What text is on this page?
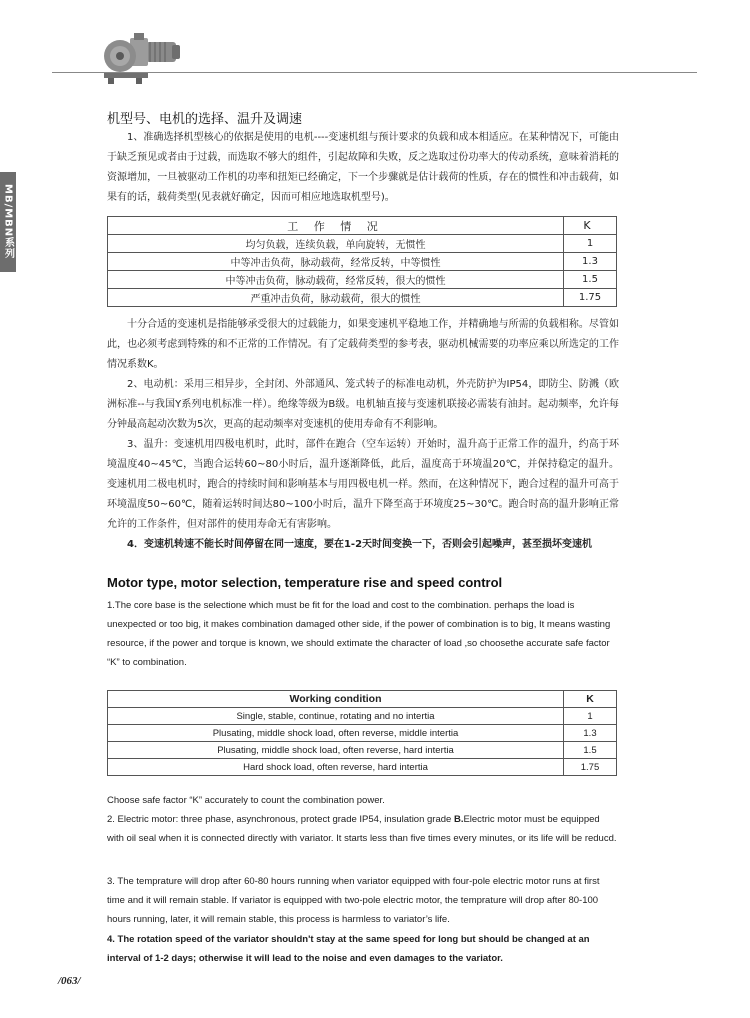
MB/MBN系列
机型号、电机的选择、温升及调速

1、准确选择机型核心的依据是使用的电机----变速机组与预计要求的负载和成本相适应。在某种情况下，可能由于缺乏预见或者由于过载，而选取不够大的组件，引起故障和失败，反之选取过份功率大的传动系统，意味着消耗的资源增加，一旦被驱动工作机的功率和扭矩已经确定，下一个步骤就是估计载荷的性质，存在的惯性和冲击载荷，如果有的话，载荷类型(见表就好确定，因而可相应地选取机型号)。

工 作 情 况	K
均匀负载，连续负载，单向旋转，无惯性	1
中等冲击负荷，脉动载荷，经常反转，中等惯性	1.3
中等冲击负荷，脉动载荷，经常反转，很大的惯性	1.5
严重冲击负荷，脉动载荷，很大的惯性	1.75

十分合适的变速机是指能够承受很大的过载能力，如果变速机平稳地工作，并精确地与所需的负载相称。尽管如此，也必须考虑到特殊的和不正常的工作情况。有了定载荷类型的参考表，驱动机械需要的功率应乘以所选定的工作情况系数K。

2、电动机：采用三相异步，全封闭、外部通风、笼式转子的标准电动机，外壳防护为IP54，即防尘、防溅（欧洲标准--与我国Y系列电机标准一样）。绝缘等级为B级。电机轴直接与变速机联接必需装有油封。起动频率，允许每分钟最高起动次数为5次，更高的起动频率对变速机的使用寿命有不利影响。

3、温升：变速机用四极电机时，此时，部件在跑合（空车运转）开始时，温升高于正常工作的温升，约高于环境温度40~45℃，当跑合运转60~80小时后，温升逐渐降低，此后，温度高于环境温20℃，并保持稳定的温升。变速机用二极电机时，跑合的持续时间和影响基本与用四极电机一样。然而，在这种情况下，跑合过程的温升可高于环境温度50~60℃，随着运转时间达80~100小时后，温升下降至高于环境度25~30℃。跑合时高的温升影响正常允许的工作条件，但对部件的使用寿命无有害影响。

4．变速机转速不能长时间停留在同一速度，要在1-2天时间变换一下，否则会引起噪声，甚至损坏变速机

Motor type, motor selection, temperature rise and speed control

1.The core base is the selectione which must be fit for the load and cost to the combination. perhaps the load is unexpected or too big, it makes combination damaged other side, if the power of combination is to big, It means wasting resource, if the power and torque is known, we should extimate the character of load ,so choosethe accurate safe factor “K” to combination.

Working condition	K
Single, stable, continue, rotating and no intertia	1
Plusating, middle shock load, often reverse, middle intertia	1.3
Plusating, middle shock load, often reverse, hard intertia	1.5
Hard shock load, often reverse, hard intertia	1.75

Choose safe factor “K” accurately to count the combination power.

2. Electric motor: three phase, asynchronous, protect grade IP54, insulation grade B.Electric motor must be equipped with oil seal when it is connected directly with variator. It starts less than five times every minutes, or its life will be reducd.

3. The temprature will drop after 60-80 hours running when variator equipped with four-pole electric motor runs at first time and it will remain stable. If variator is equipped with two-pole electric motor, the temprature will drop after 80-100 hours running, later, it will remain stable, this process is harmless to variator’s life.

4. The rotation speed of the variator shouldn't stay at the same speed for long but should be changed at an interval of 1-2 days; otherwise it will lead to the noise and even damages to the variator.

/063/
